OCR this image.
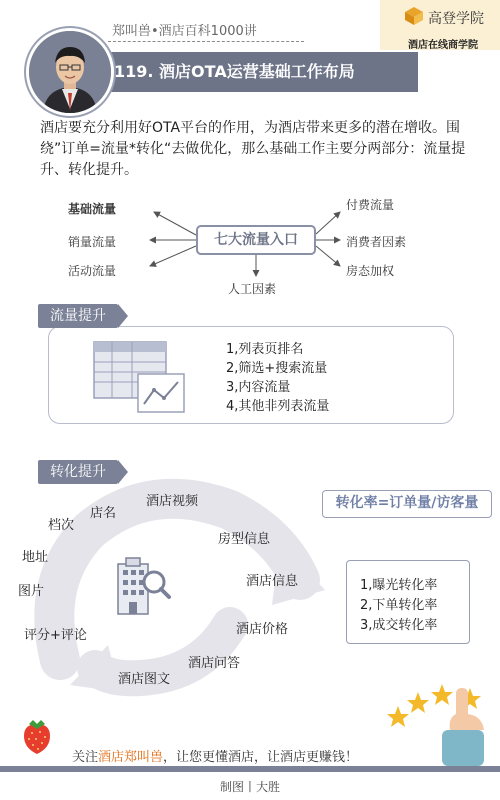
高登学院
酒店在线商学院
郑叫兽•酒店百科1000讲
119. 酒店OTA运营基础工作布局
酒店要充分利用好OTA平台的作用，为酒店带来更多的潜在增收。围绕”订单=流量*转化“去做优化，那么基础工作主要分两部分：流量提升、转化提升。
基础流量
销量流量
活动流量
付费流量
消费者因素
房态加权
人工因素
七大流量入口
流量提升
1,列表页排名
2,筛选+搜索流量
3,内容流量
4,其他非列表流量
转化提升
转化率=订单量/访客量
档次
店名
酒店视频
地址
图片
评分+评论
房型信息
酒店信息
酒店价格
酒店问答
酒店图文
1,曝光转化率
2,下单转化率
3,成交转化率
关注酒店郑叫兽，让您更懂酒店，让酒店更赚钱！
制图丨大胜
